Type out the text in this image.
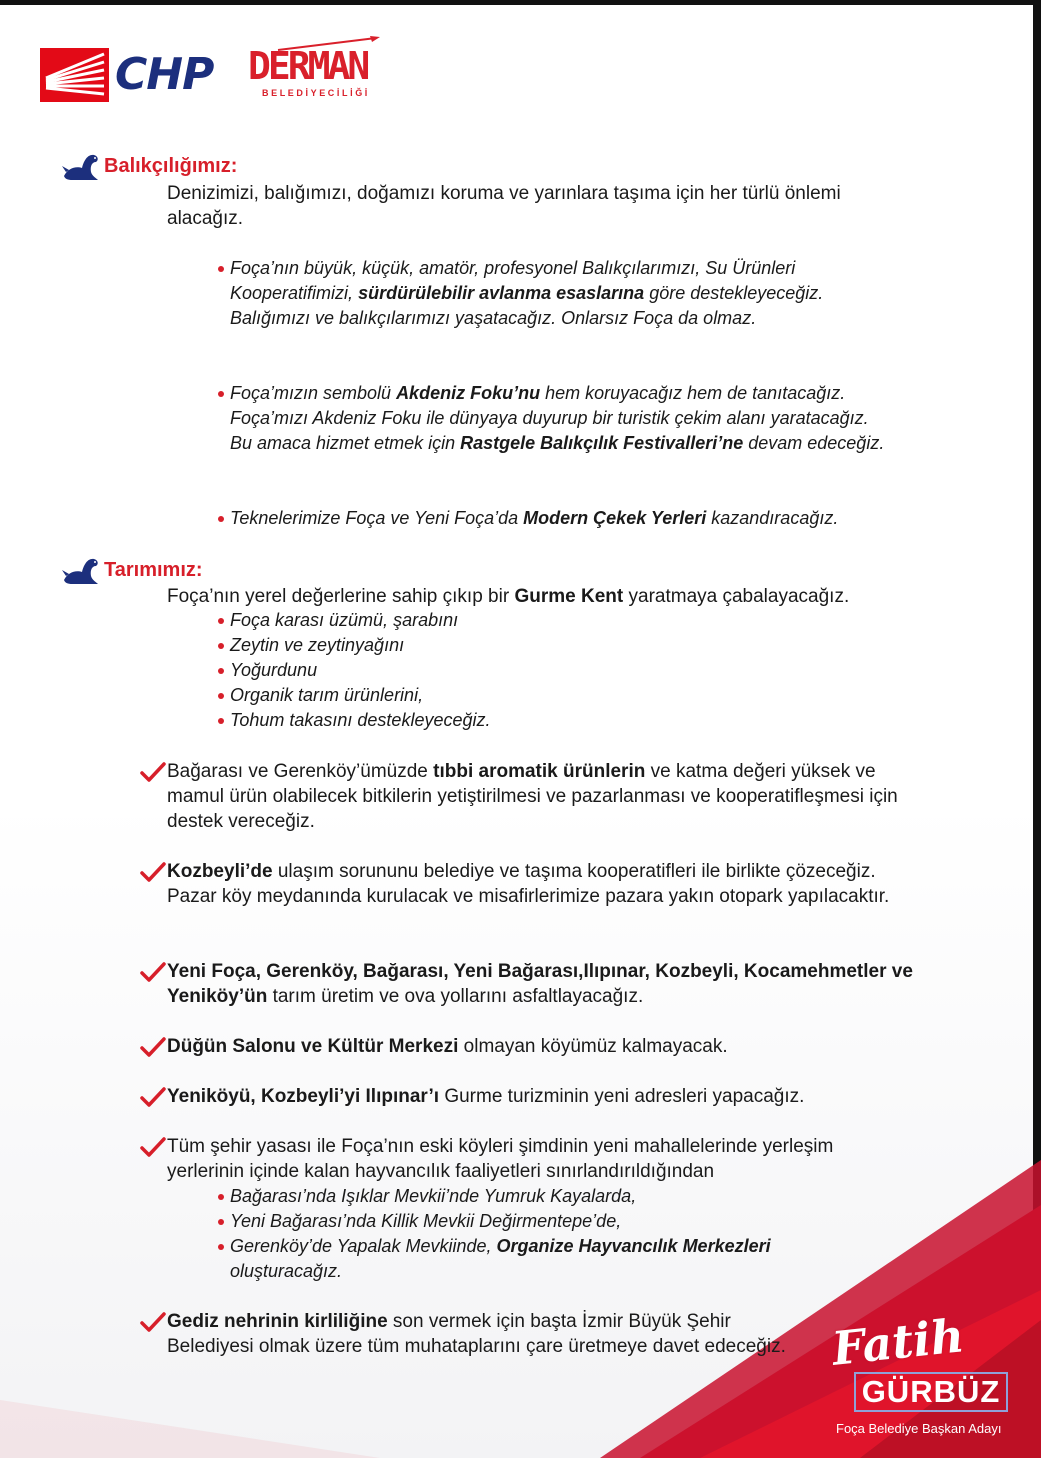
CHP DERMAN
BELEDİYECİLİĞİ
Balıkçılığımız:

Denizimizi, balığımızı, doğamızı koruma ve yarınlara taşıma için her türlü önlemi alacağız.

Foça’nın büyük, küçük, amatör, profesyonel Balıkçılarımızı, Su Ürünleri Kooperatifimizi, sürdürülebilir avlanma esaslarına göre destekleyeceğiz. Balığımızı ve balıkçılarımızı yaşatacağız. Onlarsız Foça da olmaz.
Foça’mızın sembolü Akdeniz Foku’nu hem koruyacağız hem de tanıtacağız. Foça’mızı Akdeniz Foku ile dünyaya duyurup bir turistik çekim alanı yaratacağız. Bu amaca hizmet etmek için Rastgele Balıkçılık Festivalleri’ne devam edeceğiz.
Teknelerimize Foça ve Yeni Foça’da Modern Çekek Yerleri kazandıracağız.
Tarımımız:

Foça’nın yerel değerlerine sahip çıkıp bir Gurme Kent yaratmaya çabalayacağız.

Foça karası üzümü, şarabını
Zeytin ve zeytinyağını
Yoğurdunu
Organik tarım ürünlerini,
Tohum takasını destekleyeceğiz.

Bağarası ve Gerenköy’ümüzde tıbbi aromatik ürünlerin ve katma değeri yüksek ve mamul ürün olabilecek bitkilerin yetiştirilmesi ve pazarlanması ve kooperatifleşmesi için destek vereceğiz.

Kozbeyli’de ulaşım sorununu belediye ve taşıma kooperatifleri ile birlikte çözeceğiz. Pazar köy meydanında kurulacak ve misafirlerimize pazara yakın otopark yapılacaktır.

Yeni Foça, Gerenköy, Bağarası, Yeni Bağarası,Ilıpınar, Kozbeyli, Kocamehmetler ve Yeniköy’ün tarım üretim ve ova yollarını asfaltlayacağız.

Düğün Salonu ve Kültür Merkezi olmayan köyümüz kalmayacak.

Yeniköyü, Kozbeyli’yi Ilıpınar’ı Gurme turizminin yeni adresleri yapacağız.

Tüm şehir yasası ile Foça’nın eski köyleri şimdinin yeni mahallelerinde yerleşim yerlerinin içinde kalan hayvancılık faaliyetleri sınırlandırıldığından

Bağarası’nda Işıklar Mevkii’nde Yumruk Kayalarda,
Yeni Bağarası’nda Killik Mevkii Değirmentepe’de,
Gerenköy’de Yapalak Mevkiinde, Organize Hayvancılık Merkezleri oluşturacağız.

Gediz nehrinin kirliliğine son vermek için başta İzmir Büyük Şehir Belediyesi olmak üzere tüm muhataplarını çare üretmeye davet edeceğiz. Fatih
GÜRBÜZ
Foça Belediye Başkan Adayı
